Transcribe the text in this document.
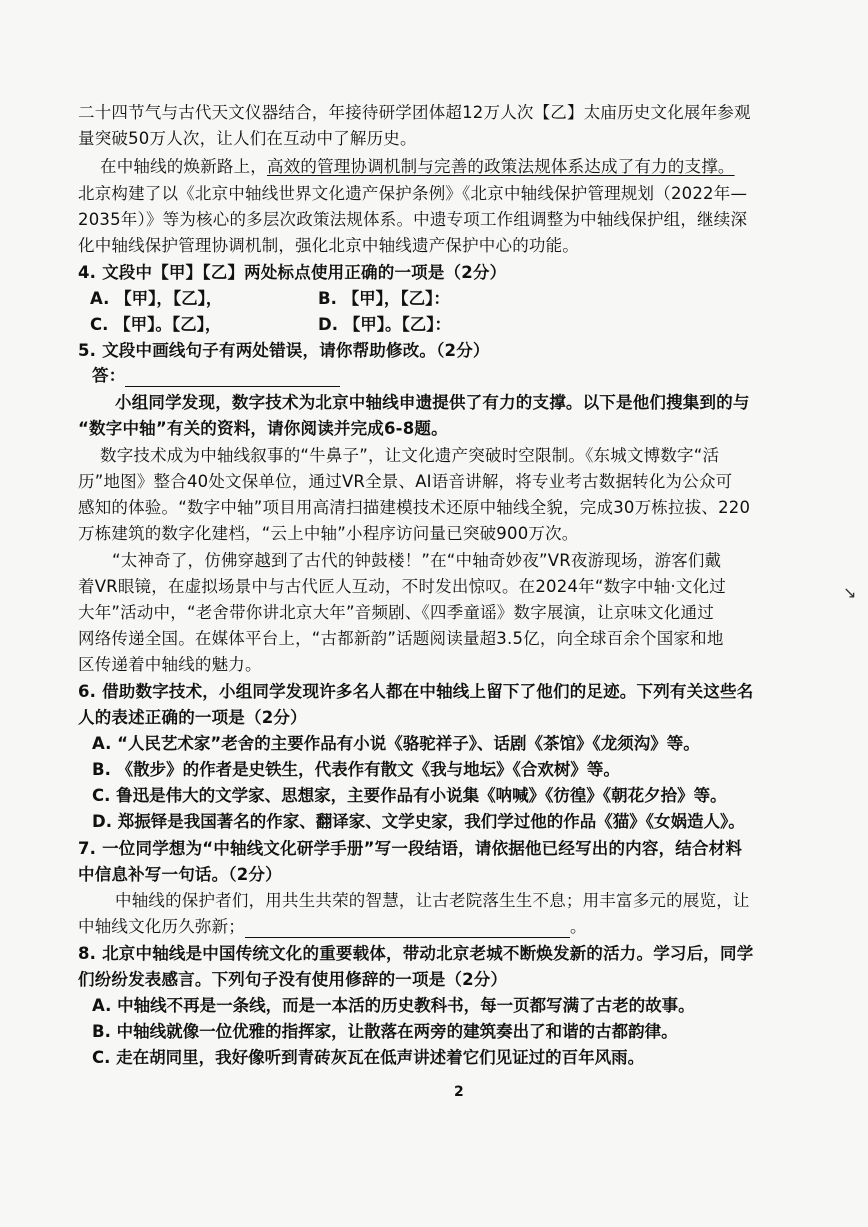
二十四节气与古代天文仪器结合，年接待研学团体超12万人次【乙】太庙历史文化展年参观
量突破50万人次，让人们在互动中了解历史。
在中轴线的焕新路上，高效的管理协调机制与完善的政策法规体系达成了有力的支撑。
北京构建了以《北京中轴线世界文化遗产保护条例》《北京中轴线保护管理规划（2022年—
2035年）》等为核心的多层次政策法规体系。中遗专项工作组调整为中轴线保护组，继续深
化中轴线保护管理协调机制，强化北京中轴线遗产保护中心的功能。
4. 文段中【甲】【乙】两处标点使用正确的一项是（2分）
A. 【甲】，【乙】，	B. 【甲】，【乙】：
C. 【甲】。【乙】，	D. 【甲】。【乙】：
5. 文段中画线句子有两处错误，请你帮助修改。（2分）
答：
小组同学发现，数字技术为北京中轴线申遗提供了有力的支撑。以下是他们搜集到的与
“数字中轴”有关的资料，请你阅读并完成6-8题。
数字技术成为中轴线叙事的“牛鼻子”，让文化遗产突破时空限制。《东城文博数字“活
历”地图》整合40处文保单位，通过VR全景、AI语音讲解，将专业考古数据转化为公众可
感知的体验。“数字中轴”项目用高清扫描建模技术还原中轴线全貌，完成30万栋拉拔、220
万栋建筑的数字化建档，“云上中轴”小程序访问量已突破900万次。
“太神奇了，仿佛穿越到了古代的钟鼓楼！”在“中轴奇妙夜”VR夜游现场，游客们戴
着VR眼镜，在虚拟场景中与古代匠人互动，不时发出惊叹。在2024年“数字中轴·文化过
大年”活动中，“老舍带你讲北京大年”音频剧、《四季童谣》数字展演，让京味文化通过
网络传递全国。在媒体平台上，“古都新韵”话题阅读量超3.5亿，向全球百余个国家和地
区传递着中轴线的魅力。
↘
6. 借助数字技术，小组同学发现许多名人都在中轴线上留下了他们的足迹。下列有关这些名
人的表述正确的一项是（2分）
A. “人民艺术家”老舍的主要作品有小说《骆驼祥子》、话剧《茶馆》《龙须沟》等。
B. 《散步》的作者是史铁生，代表作有散文《我与地坛》《合欢树》等。
C. 鲁迅是伟大的文学家、思想家，主要作品有小说集《呐喊》《彷徨》《朝花夕拾》等。
D. 郑振铎是我国著名的作家、翻译家、文学史家，我们学过他的作品《猫》《女娲造人》。
7. 一位同学想为“中轴线文化研学手册”写一段结语，请依据他已经写出的内容，结合材料
中信息补写一句话。（2分）
中轴线的保护者们，用共生共荣的智慧，让古老院落生生不息；用丰富多元的展览，让
中轴线文化历久弥新；	。
8. 北京中轴线是中国传统文化的重要载体，带动北京老城不断焕发新的活力。学习后，同学
们纷纷发表感言。下列句子没有使用修辞的一项是（2分）
A. 中轴线不再是一条线，而是一本活的历史教科书，每一页都写满了古老的故事。
B. 中轴线就像一位优雅的指挥家，让散落在两旁的建筑奏出了和谐的古都韵律。
C. 走在胡同里，我好像听到青砖灰瓦在低声讲述着它们见证过的百年风雨。
2
